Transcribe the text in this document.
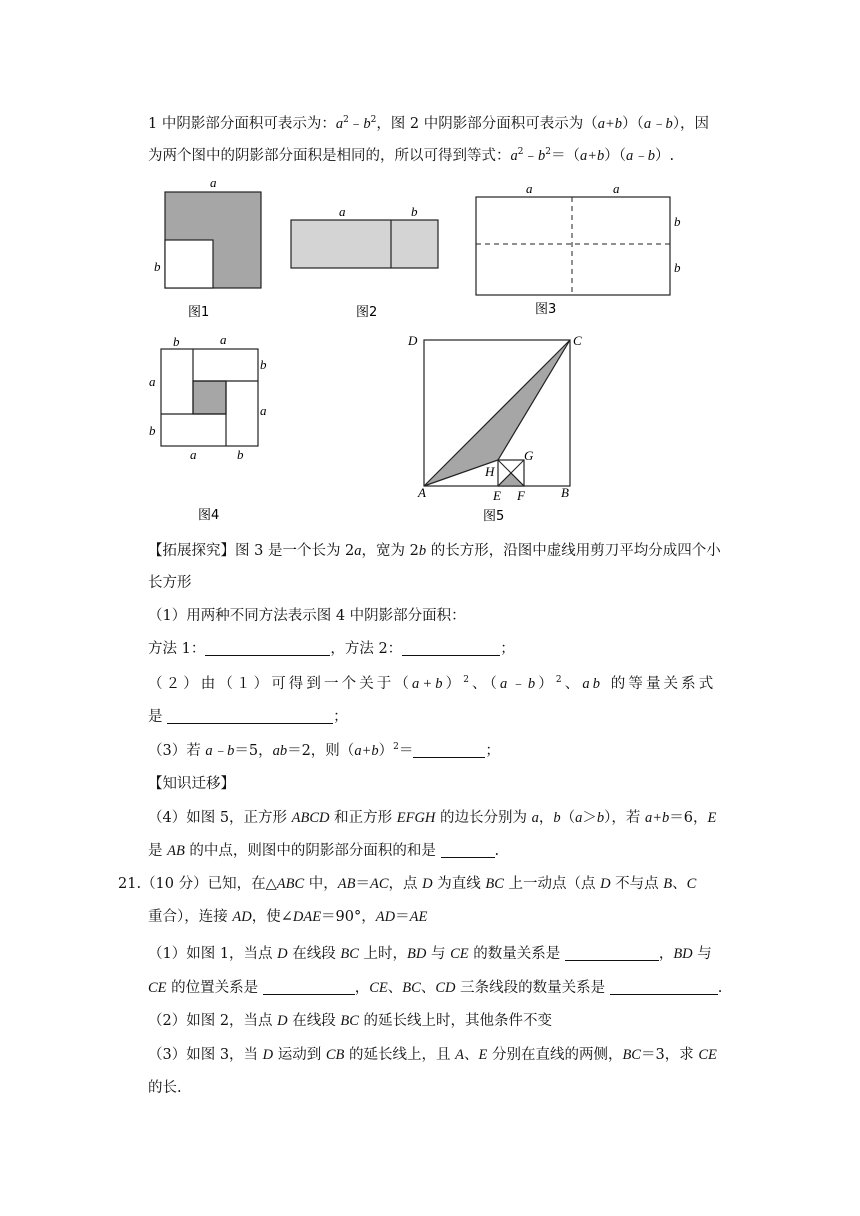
1 中阴影部分面积可表示为：$a^2﹣b^2$，图 2 中阴影部分面积可表示为（a+b）（a﹣b），因
为两个图中的阴影部分面积是相同的，所以可得到等式：$a^2﹣b^2=(a+b)(a﹣b)$.
a
b
图1
a	b
图2
a	a
b
b
图3
b	a
b
a
a
b
a	b
图4
D	C
H
G
A	E F	B
图5
【拓展探究】图 3 是一个长为 2a，宽为 2b 的长方形，沿图中虚线用剪刀平均分成四个小
长方形
（1）用两种不同方法表示图 4 中阴影部分面积：
方法 1：	，方法 2：	；
（２）由（１）可得到一个关于$(a+b)^2$、（a﹣b）$^2$、ab 的等量关系式
是	；
（3）若 a﹣b＝5，ab＝2，则$(a+b)^2=$	；
【知识迁移】
（4）如图 5，正方形 ABCD 和正方形 EFGH 的边长分别为 a，b（a＞b），若 a+b＝6，E
是 AB 的中点，则图中的阴影部分面积的和是	.
21.（10 分）已知，在△ABC 中，AB＝AC，点 D 为直线 BC 上一动点（点 D 不与点 B、C
重合），连接 AD，使∠DAE＝90°，AD＝AE
（1）如图 1，当点 D 在线段 BC 上时，BD 与 CE 的数量关系是	，BD 与
CE 的位置关系是	，CE、BC、CD 三条线段的数量关系是	.
（2）如图 2，当点 D 在线段 BC 的延长线上时，其他条件不变
（3）如图 3，当 D 运动到 CB 的延长线上，且 A、E 分别在直线的两侧，BC＝3，求 CE
的长.
